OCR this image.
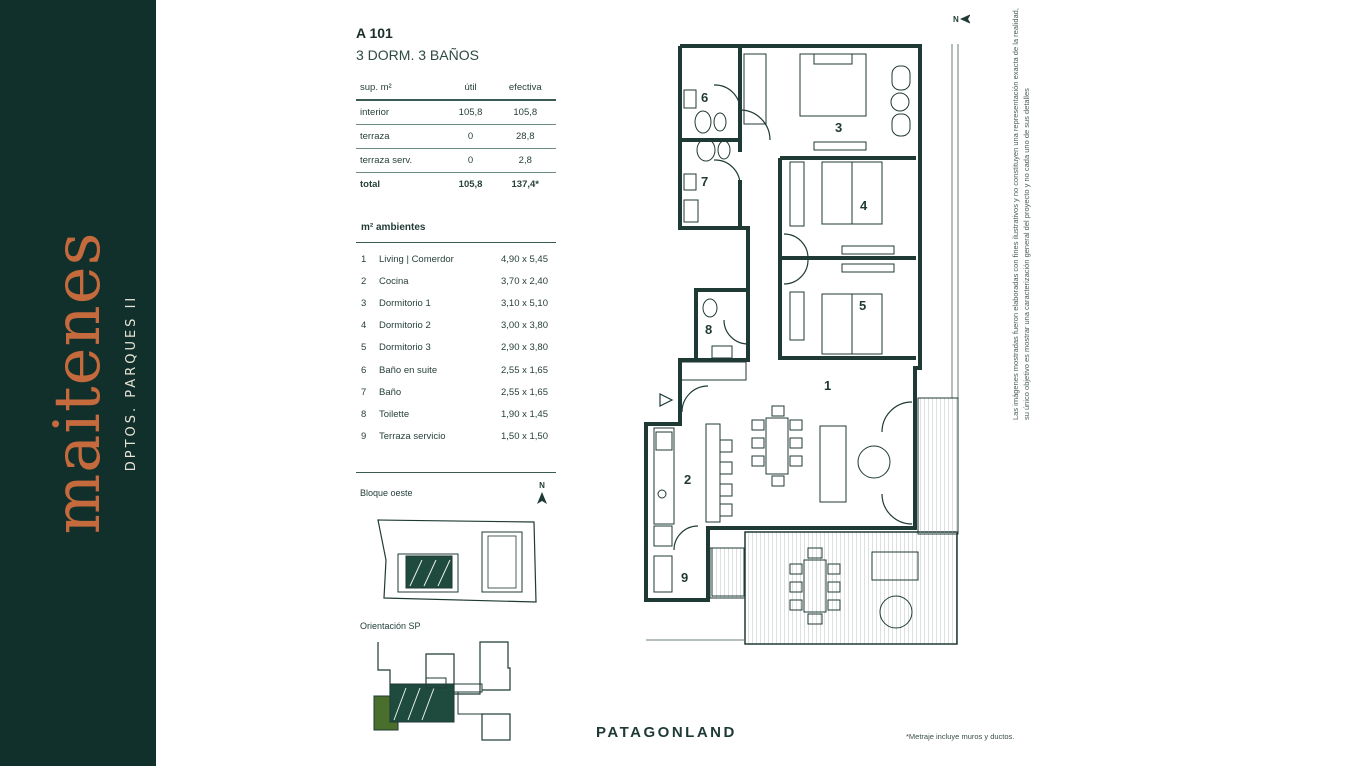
maitenes DPTOS. PARQUES II
A 101
3 DORM. 3 BAÑOS
sup. m²	útil	efectiva
interior	105,8	105,8
terraza	0	28,8
terraza serv.	0	2,8
total	105,8	137,4*
m² ambientes
1	Living | Comerdor	4,90 x 5,45
2	Cocina	3,70 x 2,40
3	Dormitorio 1	3,10 x 5,10
4	Dormitorio 2	3,00 x 3,80
5	Dormitorio 3	2,90 x 3,80
6	Baño en suite	2,55 x 1,65
7	Baño	2,55 x 1,65
8	Toilette	1,90 x 1,45
9	Terraza servicio	1,50 x 1,50
Bloque oeste
N
Orientación SP
N
1
2
3
4
5
6
7
8
9
Las imágenes mostradas fueron elaboradas con fines ilustrativos y no constituyen una representación exacta de la realidad, su único objetivo es mostrar una caracterización general del proyecto y no cada uno de sus detalles
PATAGONLAND	*Metraje incluye muros y ductos.
